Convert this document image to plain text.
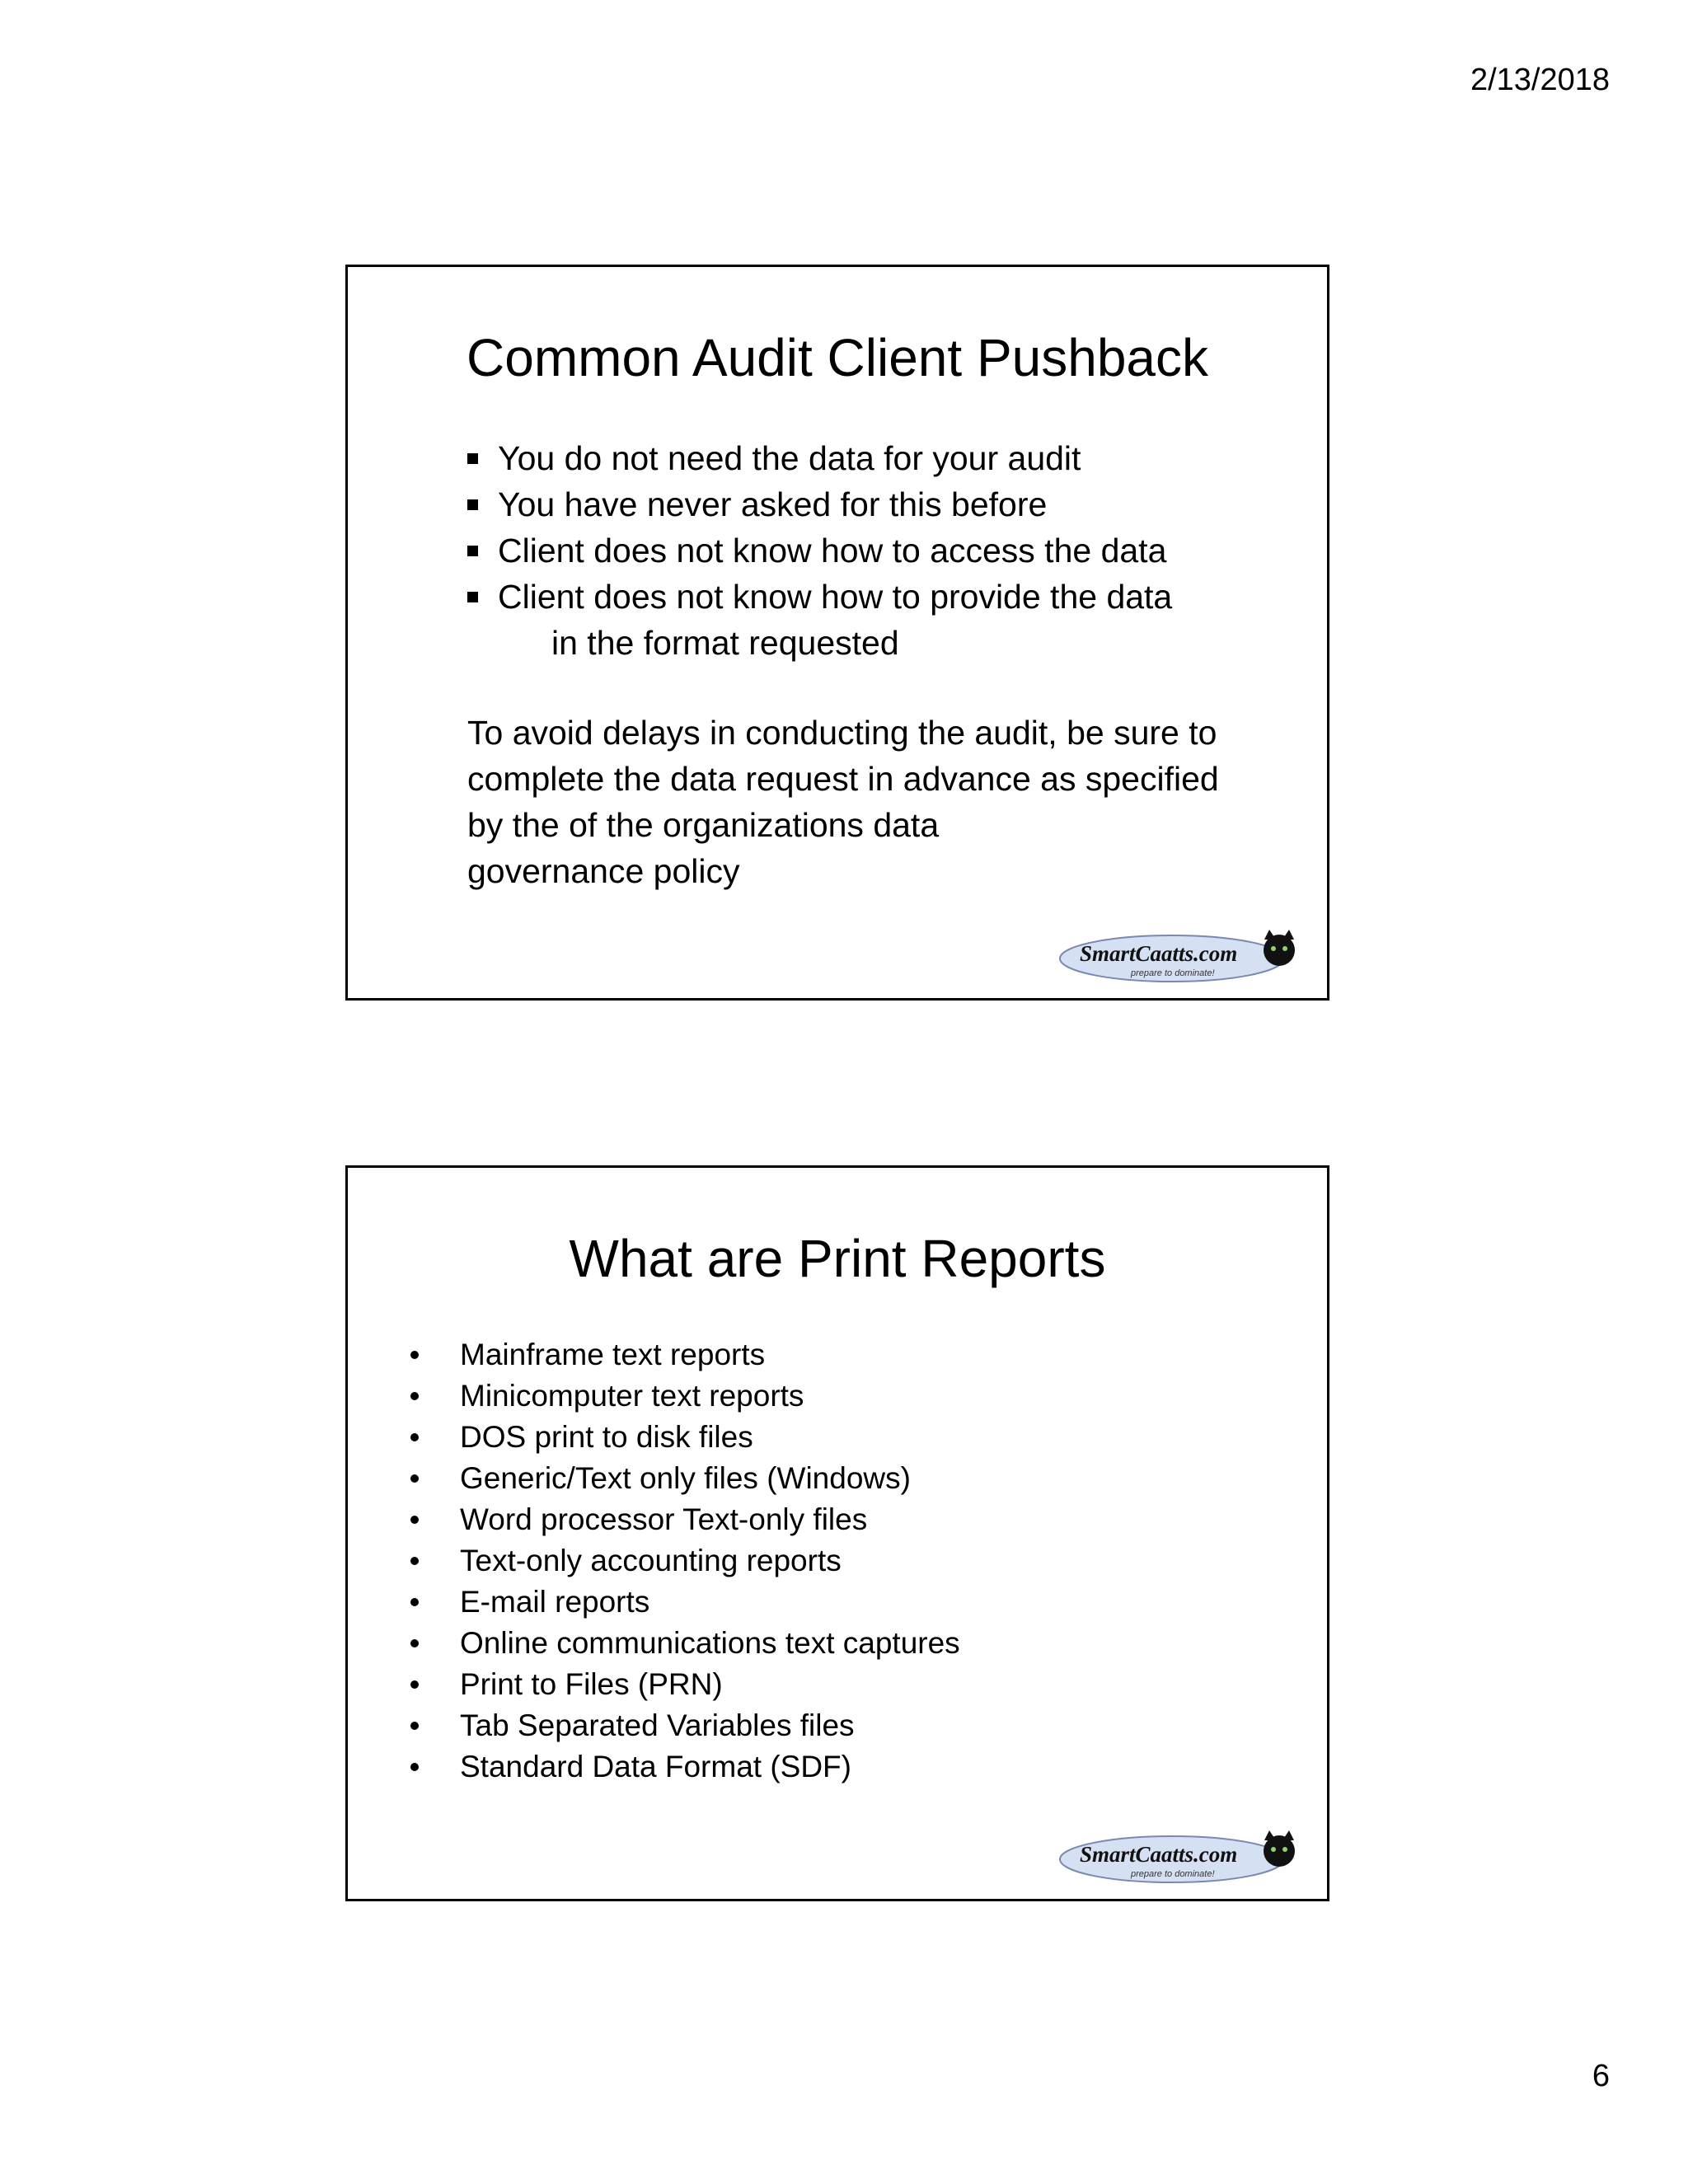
2/13/2018
Common Audit Client Pushback
You do not need the data for your audit
You have never asked for this before
Client does not know how to access the data
Client does not know how to provide the data
in the format requested

To avoid delays in conducting the audit, be sure to
complete the data request in advance as specified
by the of the organizations data
governance policy

SmartCaatts.com
prepare to dominate!
What are Print Reports
Mainframe text reports
Minicomputer text reports
DOS print to disk files
Generic/Text only files (Windows)
Word processor Text-only files
Text-only accounting reports
E-mail reports
Online communications text captures
Print to Files (PRN)
Tab Separated Variables files
Standard Data Format (SDF)
SmartCaatts.com
prepare to dominate!
6
